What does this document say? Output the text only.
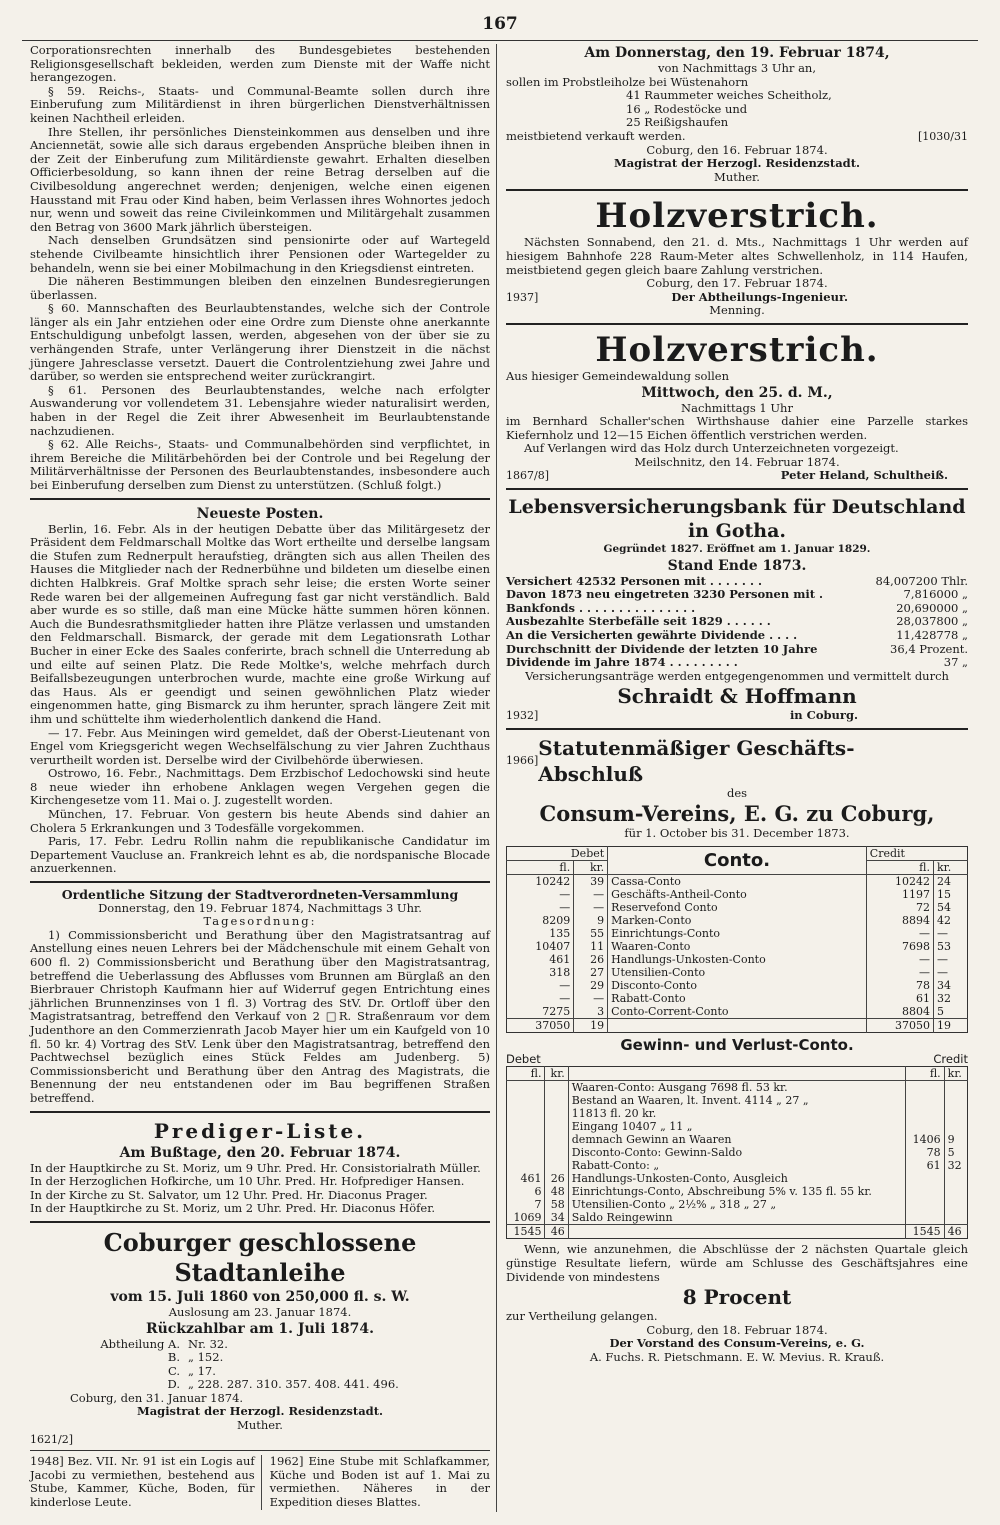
167

Corporationsrechten innerhalb des Bundesgebietes bestehenden Religionsgesellschaft bekleiden, werden zum Dienste mit der Waffe nicht herangezogen.

§ 59. Reichs-, Staats- und Communal-Beamte sollen durch ihre Einberufung zum Militärdienst in ihren bürgerlichen Dienstverhältnissen keinen Nachtheil erleiden.

Ihre Stellen, ihr persönliches Diensteinkommen aus denselben und ihre Anciennetät, sowie alle sich daraus ergebenden Ansprüche bleiben ihnen in der Zeit der Einberufung zum Militärdienste gewahrt. Erhalten dieselben Officierbesoldung, so kann ihnen der reine Betrag derselben auf die Civilbesoldung angerechnet werden; denjenigen, welche einen eigenen Hausstand mit Frau oder Kind haben, beim Verlassen ihres Wohnortes jedoch nur, wenn und soweit das reine Civileinkommen und Militärgehalt zusammen den Betrag von 3600 Mark jährlich übersteigen.

Nach denselben Grundsätzen sind pensionirte oder auf Wartegeld stehende Civilbeamte hinsichtlich ihrer Pensionen oder Wartegelder zu behandeln, wenn sie bei einer Mobilmachung in den Kriegsdienst eintreten.

Die näheren Bestimmungen bleiben den einzelnen Bundesregierungen überlassen.

§ 60. Mannschaften des Beurlaubtenstandes, welche sich der Controle länger als ein Jahr entziehen oder eine Ordre zum Dienste ohne anerkannte Entschuldigung unbefolgt lassen, werden, abgesehen von der über sie zu verhängenden Strafe, unter Verlängerung ihrer Dienstzeit in die nächst jüngere Jahresclasse versetzt. Dauert die Controlentziehung zwei Jahre und darüber, so werden sie entsprechend weiter zurückrangirt.

§ 61. Personen des Beurlaubtenstandes, welche nach erfolgter Auswanderung vor vollendetem 31. Lebensjahre wieder naturalisirt werden, haben in der Regel die Zeit ihrer Abwesenheit im Beurlaubtenstande nachzudienen.

§ 62. Alle Reichs-, Staats- und Communalbehörden sind verpflichtet, in ihrem Bereiche die Militärbehörden bei der Controle und bei Regelung der Militärverhältnisse der Personen des Beurlaubtenstandes, insbesondere auch bei Einberufung derselben zum Dienst zu unterstützen. (Schluß folgt.)

Neueste Posten.

Berlin, 16. Febr. Als in der heutigen Debatte über das Militärgesetz der Präsident dem Feldmarschall Moltke das Wort ertheilte und derselbe langsam die Stufen zum Rednerpult heraufstieg, drängten sich aus allen Theilen des Hauses die Mitglieder nach der Rednerbühne und bildeten um dieselbe einen dichten Halbkreis. Graf Moltke sprach sehr leise; die ersten Worte seiner Rede waren bei der allgemeinen Aufregung fast gar nicht verständlich. Bald aber wurde es so stille, daß man eine Mücke hätte summen hören können. Auch die Bundesrathsmitglieder hatten ihre Plätze verlassen und umstanden den Feldmarschall. Bismarck, der gerade mit dem Legationsrath Lothar Bucher in einer Ecke des Saales conferirte, brach schnell die Unterredung ab und eilte auf seinen Platz. Die Rede Moltke's, welche mehrfach durch Beifallsbezeugungen unterbrochen wurde, machte eine große Wirkung auf das Haus. Als er geendigt und seinen gewöhnlichen Platz wieder eingenommen hatte, ging Bismarck zu ihm herunter, sprach längere Zeit mit ihm und schüttelte ihm wiederholentlich dankend die Hand.

— 17. Febr. Aus Meiningen wird gemeldet, daß der Oberst-Lieutenant von Engel vom Kriegsgericht wegen Wechselfälschung zu vier Jahren Zuchthaus verurtheilt worden ist. Derselbe wird der Civilbehörde überwiesen.

Ostrowo, 16. Febr., Nachmittags. Dem Erzbischof Ledochowski sind heute 8 neue wieder ihn erhobene Anklagen wegen Vergehen gegen die Kirchengesetze vom 11. Mai o. J. zugestellt worden.

München, 17. Februar. Von gestern bis heute Abends sind dahier an Cholera 5 Erkrankungen und 3 Todesfälle vorgekommen.

Paris, 17. Febr. Ledru Rollin nahm die republikanische Candidatur im Departement Vaucluse an. Frankreich lehnt es ab, die nordspanische Blocade anzuerkennen.

Ordentliche Sitzung der Stadtverordneten-Versammlung
Donnerstag, den 19. Februar 1874, Nachmittags 3 Uhr.
Tagesordnung:

1) Commissionsbericht und Berathung über den Magistratsantrag auf Anstellung eines neuen Lehrers bei der Mädchenschule mit einem Gehalt von 600 fl. 2) Commissionsbericht und Berathung über den Magistratsantrag, betreffend die Ueberlassung des Abflusses vom Brunnen am Bürglaß an den Bierbrauer Christoph Kaufmann hier auf Widerruf gegen Entrichtung eines jährlichen Brunnenzinses von 1 fl. 3) Vortrag des StV. Dr. Ortloff über den Magistratsantrag, betreffend den Verkauf von 2 □R. Straßenraum vor dem Judenthore an den Commerzienrath Jacob Mayer hier um ein Kaufgeld von 10 fl. 50 kr. 4) Vortrag des StV. Lenk über den Magistratsantrag, betreffend den Pachtwechsel bezüglich eines Stück Feldes am Judenberg. 5) Commissionsbericht und Berathung über den Antrag des Magistrats, die Benennung der neu entstandenen oder im Bau begriffenen Straßen betreffend.

Prediger-Liste.
Am Bußtage, den 20. Februar 1874.
In der Hauptkirche zu St. Moriz, um 9 Uhr. Pred. Hr. Consistorialrath Müller.
In der Herzoglichen Hofkirche, um 10 Uhr. Pred. Hr. Hofprediger Hansen.
In der Kirche zu St. Salvator, um 12 Uhr. Pred. Hr. Diaconus Prager.
In der Hauptkirche zu St. Moriz, um 2 Uhr. Pred. Hr. Diaconus Höfer.
Coburger geschlossene Stadtanleihe
vom 15. Juli 1860 von 250,000 fl. s. W.
Auslosung am 23. Januar 1874.
Rückzahlbar am 1. Juli 1874.
Abtheilung A. Nr. 32.
B. „ 152.
C. „ 17.
D. „ 228. 287. 310. 357. 408. 441. 496.
Coburg, den 31. Januar 1874.
Magistrat der Herzogl. Residenzstadt.
Muther.
1621/2]

1948] Bez. VII. Nr. 91 ist ein Logis auf Jacobi zu vermiethen, bestehend aus Stube, Kammer, Küche, Boden, für kinderlose Leute.

1962] Eine Stube mit Schlafkammer, Küche und Boden ist auf 1. Mai zu vermiethen. Näheres in der Expedition dieses Blattes.

Am Donnerstag, den 19. Februar 1874,
von Nachmittags 3 Uhr an,
sollen im Probstleiholze bei Wüstenahorn
41 Raummeter weiches Scheitholz,
16 „ Rodestöcke und
25 Reißigshaufen
meistbietend verkauft werden.	[1030/31
Coburg, den 16. Februar 1874.
Magistrat der Herzogl. Residenzstadt.
Muther.
Holzverstrich.

Nächsten Sonnabend, den 21. d. Mts., Nachmittags 1 Uhr werden auf hiesigem Bahnhofe 228 Raum-Meter altes Schwellenholz, in 114 Haufen, meistbietend gegen gleich baare Zahlung verstrichen.

Coburg, den 17. Februar 1874.
1937]	Der Abtheilungs-Ingenieur.
Menning.
Holzverstrich.
Aus hiesiger Gemeindewaldung sollen
Mittwoch, den 25. d. M.,
Nachmittags 1 Uhr

im Bernhard Schaller'schen Wirthshause dahier eine Parzelle starkes Kiefernholz und 12—15 Eichen öffentlich verstrichen werden.

Auf Verlangen wird das Holz durch Unterzeichneten vorgezeigt.

Meilschnitz, den 14. Februar 1874.
1867/8]	Peter Heland, Schultheiß.
Lebensversicherungsbank für Deutschland in Gotha.
Gegründet 1827. Eröffnet am 1. Januar 1829.
Stand Ende 1873.
Versichert 42532 Personen mit . . . . . . .	84,007200 Thlr.
Davon 1873 neu eingetreten 3230 Personen mit .	7,816000 „
Bankfonds . . . . . . . . . . . . . . .	20,690000 „
Ausbezahlte Sterbefälle seit 1829 . . . . . .	28,037800 „
An die Versicherten gewährte Dividende . . . .	11,428778 „
Durchschnitt der Dividende der letzten 10 Jahre	36,4 Prozent.
Dividende im Jahre 1874 . . . . . . . . .	37 „
Versicherungsanträge werden entgegengenommen und vermittelt durch
Schraidt & Hoffmann
1932]	in Coburg.
1966]
Statutenmäßiger Geschäfts-Abschluß
des
Consum-Vereins, E. G. zu Coburg,
für 1. October bis 31. December 1873.
Debet		Conto.	Credit	
fl.	kr.		fl.	kr.
10242	39	Cassa-Conto	10242	24
—	—	Geschäfts-Antheil-Conto	1197	15
—	—	Reservefond Conto	72	54
8209	9	Marken-Conto	8894	42
135	55	Einrichtungs-Conto	—	—
10407	11	Waaren-Conto	7698	53
461	26	Handlungs-Unkosten-Conto	—	—
318	27	Utensilien-Conto	—	—
—	29	Disconto-Conto	78	34
—	—	Rabatt-Conto	61	32
7275	3	Conto-Corrent-Conto	8804	5
37050	19		37050	19
Gewinn- und Verlust-Conto.
Debet	Credit
fl.	kr.		fl.	kr.
		Waaren-Conto: Ausgang 7698 fl. 53 kr.		
		Bestand an Waaren, lt. Invent. 4114 „ 27 „		
		11813 fl. 20 kr.		
		Eingang 10407 „ 11 „		
		demnach Gewinn an Waaren	1406	9
		Disconto-Conto: Gewinn-Saldo	78	5
		Rabatt-Conto: „	61	32
461	26	Handlungs-Unkosten-Conto, Ausgleich		
6	48	Einrichtungs-Conto, Abschreibung 5% v. 135 fl. 55 kr.		
7	58	Utensilien-Conto „ 2½% „ 318 „ 27 „		
1069	34	Saldo Reingewinn		
1545	46		1545	46

Wenn, wie anzunehmen, die Abschlüsse der 2 nächsten Quartale gleich günstige Resultate liefern, würde am Schlusse des Geschäftsjahres eine Dividende von mindestens

8 Procent
zur Vertheilung gelangen.
Coburg, den 18. Februar 1874.
Der Vorstand des Consum-Vereins, e. G.
A. Fuchs. R. Pietschmann. E. W. Mevius. R. Krauß.
